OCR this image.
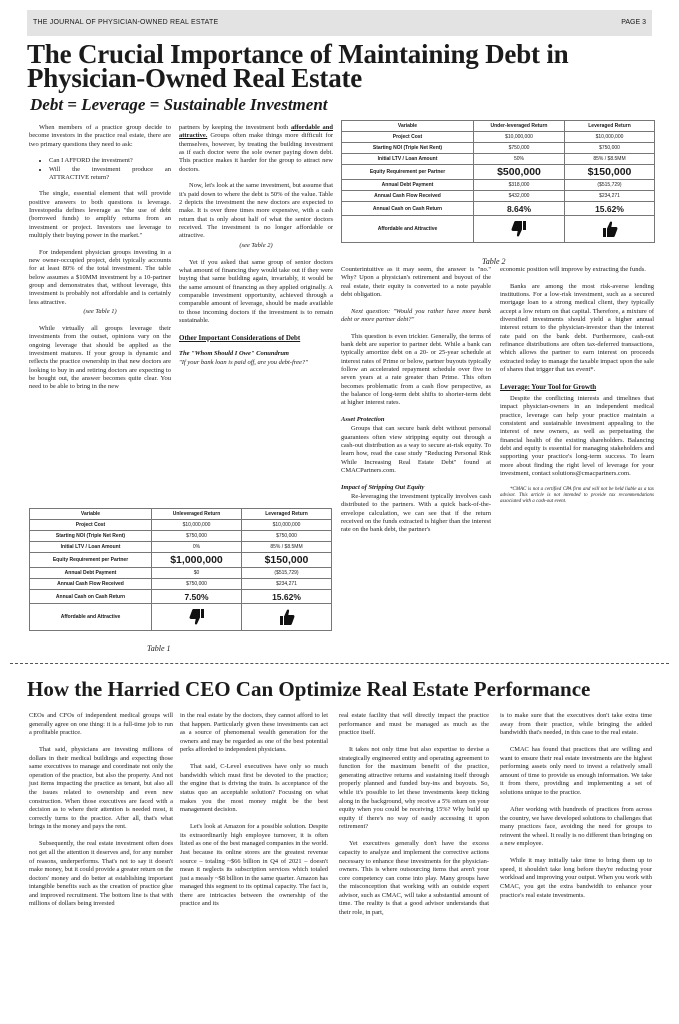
THE JOURNAL OF PHYSICIAN-OWNED REAL ESTATE	PAGE 3
The Crucial Importance of Maintaining Debt in
Physician-Owned Real Estate
Debt = Leverage = Sustainable Investment

When members of a practice group decide to become investors in the practice real estate, there are two primary questions they need to ask:

• Can I AFFORD the investment?
• Will the investment produce an ATTRACTIVE return?

The single, essential element that will provide positive answers to both questions is leverage. Investopedia defines leverage as "the use of debt (borrowed funds) to amplify returns from an investment or project. Investors use leverage to multiply their buying power in the market."

For independent physician groups investing in a new owner-occupied project, debt typically accounts for at least 80% of the total investment. The table below assumes a $10MM investment by a 10-partner group and demonstrates that, without leverage, this investment is probably not affordable and is certainly less attractive.

(see Table 1)

While virtually all groups leverage their investments from the outset, opinions vary on the ongoing leverage that should be applied as the investment matures. If your group is dynamic and reflects the practice ownership in that new doctors are looking to buy in and retiring doctors are expecting to be bought out, the answer becomes quite clear. You need to be able to bring in the new

partners by keeping the investment both affordable and attractive. Groups often make things more difficult for themselves, however, by treating the building investment as if each doctor were the sole owner paying down debt. This practice makes it harder for the group to attract new doctors.

Now, let's look at the same investment, but assume that it's paid down to where the debt is 50% of the value. Table 2 depicts the investment the new doctors are expected to make. It is over three times more expensive, with a cash return that is only about half of what the senior doctors received. The investment is no longer affordable or attractive.

(see Table 2)

Yet if you asked that same group of senior doctors what amount of financing they would take out if they were buying that same building again, invariably, it would be the same amount of financing as they applied originally. A comparable investment opportunity, achieved through a comparable amount of leverage, should be made available to those incoming doctors if the investment is to remain sustainable.

Other Important Considerations of Debt
The "Whom Should I Owe" Conundrum
"If your bank loan is paid off, are you debt-free?"
Variable	Under-leveraged Return	Leveraged Return
Project Cost	$10,000,000	$10,000,000
Starting NOI (Triple Net Rent)	$750,000	$750,000
Initial LTV / Loan Amount	50%	85% / $8.5MM
Equity Requirement per Partner	$500,000	$150,000
Annual Debt Payment	$318,000	($515,729)
Annual Cash Flow Received	$432,000	$234,271
Annual Cash on Cash Return	8.64%	15.62%
Affordable and Attractive		
Table 2

Counterintuitive as it may seem, the answer is "no." Why? Upon a physician's retirement and buyout of the real estate, their equity is converted to a note payable debt obligation.

Next question: "Would you rather have more bank debt or more partner debt?"

This question is even trickier. Generally, the terms of bank debt are superior to partner debt. While a bank can typically amortize debt on a 20- or 25-year schedule at interest rates of Prime or below, partner buyouts typically follow an accelerated repayment schedule over five to seven years at a rate greater than Prime. This often becomes problematic from a cash flow perspective, as the balance of long-term debt shifts to shorter-term debt at higher interest rates.

Asset Protection

Groups that can secure bank debt without personal guarantees often view stripping equity out through a cash-out distribution as a way to secure at-risk equity. To learn how, read the case study "Reducing Personal Risk While Increasing Real Estate Debt" found at CMACPartners.com.

Impact of Stripping Out Equity

Re-leveraging the investment typically involves cash distributed to the partners. With a quick back-of-the-envelope calculation, we can see that if the return received on the funds extracted is higher than the interest rate on the bank debt, the partner's

economic position will improve by extracting the funds.

Banks are among the most risk-averse lending institutions. For a low-risk investment, such as a secured mortgage loan to a strong medical client, they typically accept a low return on that capital. Therefore, a mixture of diversified investments should yield a higher annual interest return to the physician-investor than the interest rate paid on the bank debt. Furthermore, cash-out refinance distributions are often tax-deferred transactions, which allows the partner to earn interest on proceeds extracted today to manage the taxable impact upon the sale of shares that trigger that tax event*.

Leverage: Your Tool for Growth

Despite the conflicting interests and timelines that impact physician-owners in an independent medical practice, leverage can help your practice maintain a consistent and sustainable investment appealing to the interest of new owners, as well as perpetuating the financial health of the existing shareholders. Balancing debt and equity is essential for managing stakeholders and supporting your practice's long-term success. To learn more about finding the right level of leverage for your investment, contact solutions@cmacpartners.com.

*CMAC is not a certified CPA firm and will not be held liable as a tax advisor. This article is not intended to provide tax recommendations associated with a cash-out event.

Variable	Unleveraged Return	Leveraged Return
Project Cost	$10,000,000	$10,000,000
Starting NOI (Triple Net Rent)	$750,000	$750,000
Initial LTV / Loan Amount	0%	85% / $8.5MM
Equity Requirement per Partner	$1,000,000	$150,000
Annual Debt Payment	$0	($515,729)
Annual Cash Flow Received	$750,000	$234,271
Annual Cash on Cash Return	7.50%	15.62%
Affordable and Attractive		
Table 1
How the Harried CEO Can Optimize Real Estate Performance

CEOs and CFOs of independent medical groups will generally agree on one thing: it is a full-time job to run a profitable practice.

That said, physicians are investing millions of dollars in their medical buildings and expecting those same executives to manage and coordinate not only the operation of the practice, but also the property. And not just items impacting the practice as tenant, but also all the issues related to ownership and even new construction. When those executives are faced with a decision as to where their attention is needed most, it correctly turns to the practice. After all, that's what brings in the money and pays the rent.

Subsequently, the real estate investment often does not get all the attention it deserves and, for any number of reasons, underperforms. That's not to say it doesn't make money, but it could provide a greater return on the doctors' money and do better at establishing important intangible benefits such as the creation of practice glue and improved recruitment. The bottom line is that with millions of dollars being invested

in the real estate by the doctors, they cannot afford to let that happen. Particularly given these investments can act as a source of phenomenal wealth generation for the owners and may be regarded as one of the best potential perks afforded to independent physicians.

That said, C-Level executives have only so much bandwidth which must first be devoted to the practice; the engine that is driving the train. Is acceptance of the status quo an acceptable solution? Focusing on what makes you the most money might be the best management decision.

Let's look at Amazon for a possible solution. Despite its extraordinarily high employee turnover, it is often listed as one of the best managed companies in the world. Just because its online stores are the greatest revenue source – totaling ~$66 billion in Q4 of 2021 – doesn't mean it neglects its subscription services which totaled just a measly ~$8 billion in the same quarter. Amazon has managed this segment to its optimal capacity. The fact is, there are intricacies between the ownership of the practice and its

real estate facility that will directly impact the practice performance and must be managed as much as the practice itself.

It takes not only time but also expertise to devise a strategically engineered entity and operating agreement to function for the maximum benefit of the practice, generating attractive returns and sustaining itself through properly planned and funded buy-ins and buyouts. So, while it's possible to let these investments keep ticking along in the background, why receive a 5% return on your equity when you could be receiving 15%? Why build up equity if there's no way of easily accessing it upon retirement?

Yet executives generally don't have the excess capacity to analyze and implement the corrective actions necessary to enhance these investments for the physician-owners. This is where outsourcing items that aren't your core competency can come into play. Many groups have the misconception that working with an outside expert advisor, such as CMAC, will take a substantial amount of time. The reality is that a good advisor understands that their role, in part,

is to make sure that the executives don't take extra time away from their practice, while bringing the added bandwidth that's needed, in this case to the real estate.

CMAC has found that practices that are willing and want to ensure their real estate investments are the highest performing assets only need to invest a relatively small amount of time to provide us enough information. We take it from there, providing and implementing a set of solutions unique to the practice.

After working with hundreds of practices from across the country, we have developed solutions to challenges that many practices face, avoiding the need for groups to reinvent the wheel. It really is no different than bringing on a new employee.

While it may initially take time to bring them up to speed, it shouldn't take long before they're reducing your workload and improving your output. When you work with CMAC, you get the extra bandwidth to enhance your practice's real estate investments.
